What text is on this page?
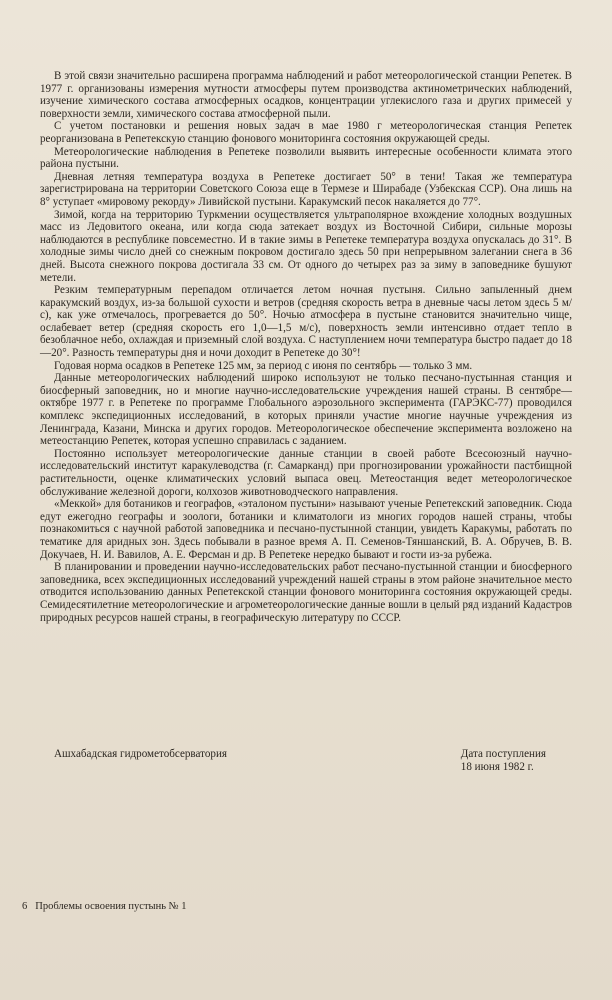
В этой связи значительно расширена программа наблюдений и работ метеорологической станции Репетек. В 1977 г. организованы измерения мутности атмосферы путем производства актинометрических наблюдений, изучение химического состава атмосферных осадков, концентрации углекислого газа и других примесей у поверхности земли, химического состава атмосферной пыли.

С учетом постановки и решения новых задач в мае 1980 г метеорологическая станция Репетек реорганизована в Репетекскую станцию фонового мониторинга состояния окружающей среды.

Метеорологические наблюдения в Репетеке позволили выявить интересные особенности климата этого района пустыни.

Дневная летняя температура воздуха в Репетеке достигает 50° в тени! Такая же температура зарегистрирована на территории Советского Союза еще в Термезе и Ширабаде (Узбекская ССР). Она лишь на 8° уступает «мировому рекорду» Ливийской пустыни. Каракумский песок накаляется до 77°.

Зимой, когда на территорию Туркмении осуществляется ультраполярное вхождение холодных воздушных масс из Ледовитого океана, или когда сюда затекает воздух из Восточной Сибири, сильные морозы наблюдаются в республике повсеместно. И в такие зимы в Репетеке температура воздуха опускалась до 31°. В холодные зимы число дней со снежным покровом достигало здесь 50 при непрерывном залегании снега в 36 дней. Высота снежного покрова достигала 33 см. От одного до четырех раз за зиму в заповеднике бушуют метели.

Резким температурным перепадом отличается летом ночная пустыня. Сильно запыленный днем каракумский воздух, из-за большой сухости и ветров (средняя скорость ветра в дневные часы летом здесь 5 м/с), как уже отмечалось, прогревается до 50°. Ночью атмосфера в пустыне становится значительно чище, ослабевает ветер (средняя скорость его 1,0—1,5 м/с), поверхность земли интенсивно отдает тепло в безоблачное небо, охлаждая и приземный слой воздуха. С наступлением ночи температура быстро падает до 18—20°. Разность температуры дня и ночи доходит в Репетеке до 30°!

Годовая норма осадков в Репетеке 125 мм, за период с июня по сентябрь — только 3 мм.

Данные метеорологических наблюдений широко используют не только песчано-пустынная станция и биосферный заповедник, но и многие научно-исследовательские учреждения нашей страны. В сентябре—октябре 1977 г. в Репетеке по программе Глобального аэрозольного эксперимента (ГАРЭКС-77) проводился комплекс экспедиционных исследований, в которых приняли участие многие научные учреждения из Ленинграда, Казани, Минска и других городов. Метеорологическое обеспечение эксперимента возложено на метеостанцию Репетек, которая успешно справилась с заданием.

Постоянно использует метеорологические данные станции в своей работе Всесоюзный научно-исследовательский институт каракулеводства (г. Самарканд) при прогнозировании урожайности пастбищной растительности, оценке климатических условий выпаса овец. Метеостанция ведет метеорологическое обслуживание железной дороги, колхозов животноводческого направления.

«Меккой» для ботаников и географов, «эталоном пустыни» называют ученые Репетекский заповедник. Сюда едут ежегодно географы и зоологи, ботаники и климатологи из многих городов нашей страны, чтобы познакомиться с научной работой заповедника и песчано-пустынной станции, увидеть Каракумы, работать по тематике для аридных зон. Здесь побывали в разное время А. П. Семенов-Тяншанский, В. А. Обручев, В. В. Докучаев, Н. И. Вавилов, А. Е. Ферсман и др. В Репетеке нередко бывают и гости из-за рубежа.

В планировании и проведении научно-исследовательских работ песчано-пустынной станции и биосферного заповедника, всех экспедиционных исследований учреждений нашей страны в этом районе значительное место отводится использованию данных Репетекской станции фонового мониторинга состояния окружающей среды. Семидесятилетние метеорологические и агрометеорологические данные вошли в целый ряд изданий Кадастров природных ресурсов нашей страны, в географическую литературу по СССР.

Ашхабадская гидрометобсерватория	Дата поступления
18 июня 1982 г.
6 Проблемы освоения пустынь № 1
